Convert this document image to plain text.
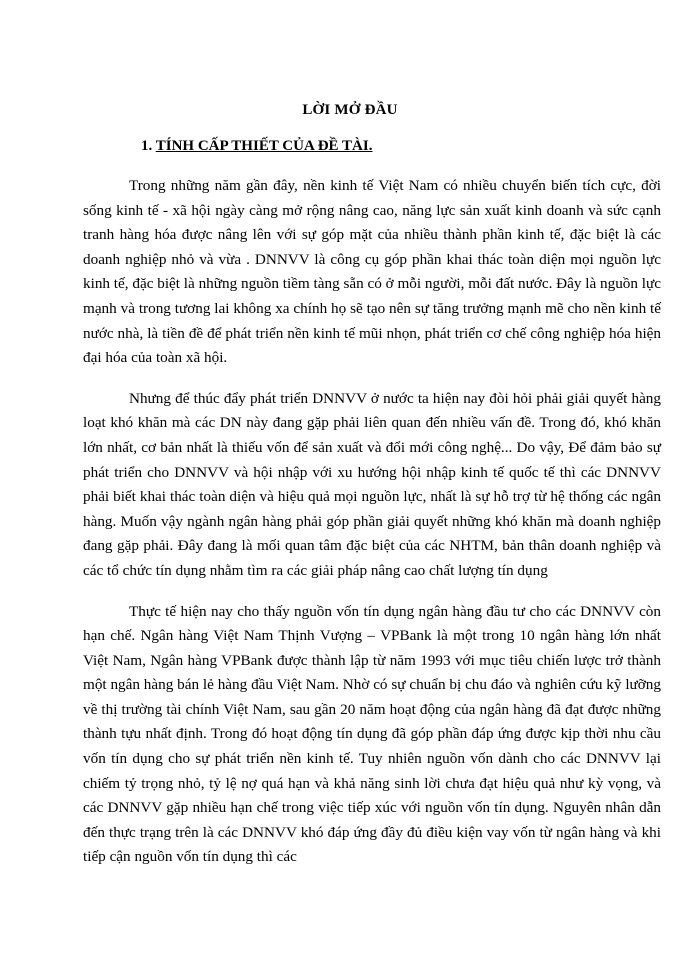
LỜI MỞ ĐẦU
1. TÍNH CẤP THIẾT CỦA ĐỀ TÀI.

Trong những năm gần đây, nền kinh tế Việt Nam có nhiều chuyển biến tích cực, đời sống kinh tế - xã hội ngày càng mở rộng nâng cao, năng lực sản xuất kinh doanh và sức cạnh tranh hàng hóa được nâng lên với sự góp mặt của nhiều thành phần kinh tế, đặc biệt là các doanh nghiệp nhỏ và vừa . DNNVV là công cụ góp phần khai thác toàn diện mọi nguồn lực kinh tế, đặc biệt là những nguồn tiềm tàng sẵn có ở mỗi người, mỗi đất nước. Đây là nguồn lực mạnh và trong tương lai không xa chính họ sẽ tạo nên sự tăng trưởng mạnh mẽ cho nền kinh tế nước nhà, là tiền đề để phát triển nền kinh tế mũi nhọn, phát triển cơ chế công nghiệp hóa hiện đại hóa của toàn xã hội.

Nhưng để thúc đẩy phát triển DNNVV ở nước ta hiện nay đòi hỏi phải giải quyết hàng loạt khó khăn mà các DN này đang gặp phải liên quan đến nhiều vấn đề. Trong đó, khó khăn lớn nhất, cơ bản nhất là thiếu vốn để sản xuất và đổi mới công nghệ... Do vậy, Để đảm bảo sự phát triển cho DNNVV và hội nhập với xu hướng hội nhập kinh tế quốc tế thì các DNNVV phải biết khai thác toàn diện và hiệu quả mọi nguồn lực, nhất là sự hỗ trợ từ hệ thống các ngân hàng. Muốn vậy ngành ngân hàng phải góp phần giải quyết những khó khăn mà doanh nghiệp đang gặp phải. Đây đang là mối quan tâm đặc biệt của các NHTM, bản thân doanh nghiệp và các tổ chức tín dụng nhằm tìm ra các giải pháp nâng cao chất lượng tín dụng

Thực tế hiện nay cho thấy nguồn vốn tín dụng ngân hàng đầu tư cho các DNNVV còn hạn chế. Ngân hàng Việt Nam Thịnh Vượng – VPBank là một trong 10 ngân hàng lớn nhất Việt Nam, Ngân hàng VPBank được thành lập từ năm 1993 với mục tiêu chiến lược trở thành một ngân hàng bán lẻ hàng đầu Việt Nam. Nhờ có sự chuẩn bị chu đáo và nghiên cứu kỹ lưỡng về thị trường tài chính Việt Nam, sau gần 20 năm hoạt động của ngân hàng đã đạt được những thành tựu nhất định. Trong đó hoạt động tín dụng đã góp phần đáp ứng được kịp thời nhu cầu vốn tín dụng cho sự phát triển nền kinh tế. Tuy nhiên nguồn vốn dành cho các DNNVV lại chiếm tỷ trọng nhỏ, tỷ lệ nợ quá hạn và khả năng sinh lời chưa đạt hiệu quả như kỳ vọng, và các DNNVV gặp nhiều hạn chế trong việc tiếp xúc với nguồn vốn tín dụng. Nguyên nhân dẫn đến thực trạng trên là các DNNVV khó đáp ứng đầy đủ điều kiện vay vốn từ ngân hàng và khi tiếp cận nguồn vốn tín dụng thì các
